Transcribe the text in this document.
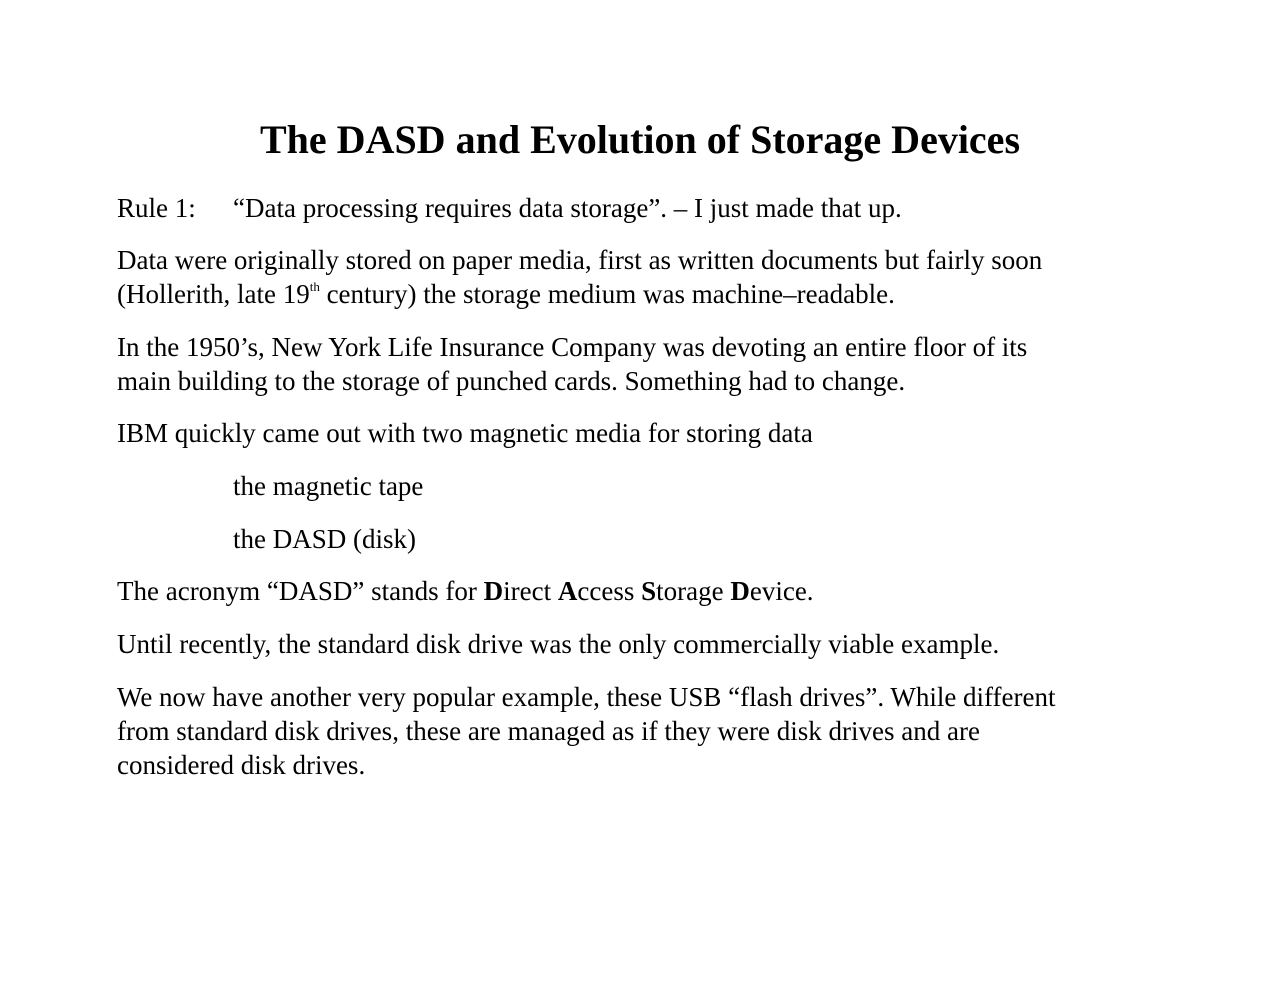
The DASD and Evolution of Storage Devices

Rule 1: “Data processing requires data storage”. – I just made that up.

Data were originally stored on paper media, first as written documents but fairly soon
(Hollerith, late 19th century) the storage medium was machine–readable.

In the 1950’s, New York Life Insurance Company was devoting an entire floor of its
main building to the storage of punched cards. Something had to change.

IBM quickly came out with two magnetic media for storing data

the magnetic tape

the DASD (disk)

The acronym “DASD” stands for Direct Access Storage Device.

Until recently, the standard disk drive was the only commercially viable example.

We now have another very popular example, these USB “flash drives”. While different
from standard disk drives, these are managed as if they were disk drives and are
considered disk drives.
